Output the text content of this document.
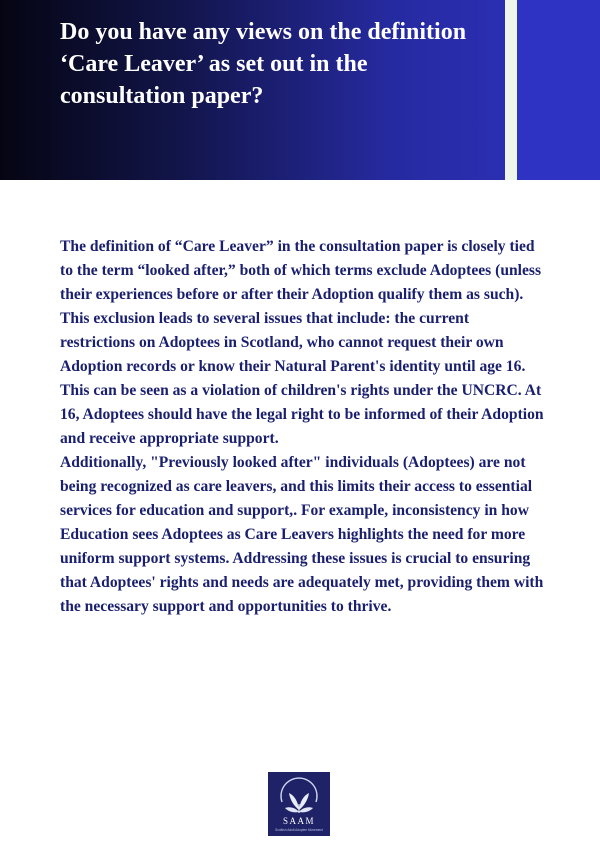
Do you have any views on the definition ‘Care Leaver’ as set out in the consultation paper?

The definition of “Care Leaver” in the consultation paper is closely tied to the term “looked after,” both of which terms exclude Adoptees (unless their experiences before or after their Adoption qualify them as such). This exclusion leads to several issues that include: the current restrictions on Adoptees in Scotland, who cannot request their own Adoption records or know their Natural Parent's identity until age 16. This can be seen as a violation of children's rights under the UNCRC. At 16, Adoptees should have the legal right to be informed of their Adoption and receive appropriate support.

Additionally, "Previously looked after" individuals (Adoptees) are not being recognized as care leavers, and this limits their access to essential services for education and support,. For example, inconsistency in how Education sees Adoptees as Care Leavers highlights the need for more uniform support systems. Addressing these issues is crucial to ensuring that Adoptees' rights and needs are adequately met, providing them with the necessary support and opportunities to thrive.

SAAM
Scottish Adult Adoptee Movement
